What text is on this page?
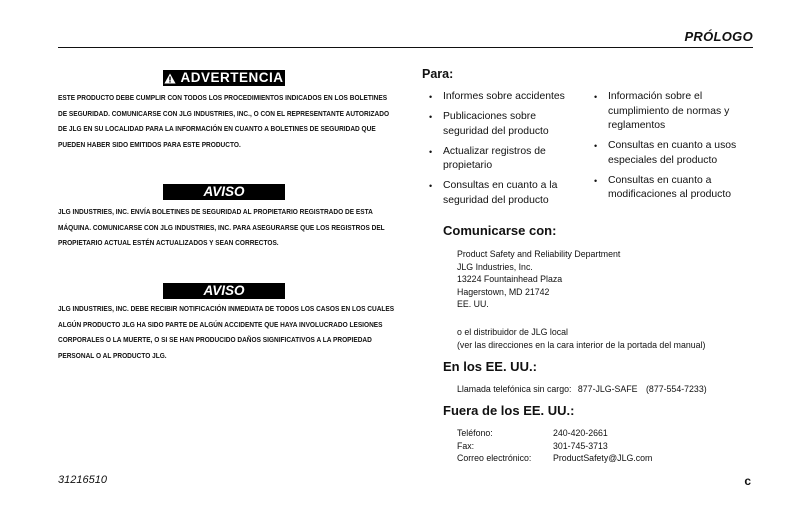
PRÓLOGO
ADVERTENCIA
ESTE PRODUCTO DEBE CUMPLIR CON TODOS LOS PROCEDIMIENTOS INDICADOS EN LOS BOLETINES DE SEGURIDAD. COMUNICARSE CON JLG INDUSTRIES, INC., O CON EL REPRESENTANTE AUTORIZADO DE JLG EN SU LOCALIDAD PARA LA INFORMACIÓN EN CUANTO A BOLETINES DE SEGURIDAD QUE PUEDEN HABER SIDO EMITIDOS PARA ESTE PRODUCTO.
AVISO
JLG INDUSTRIES, INC. ENVÍA BOLETINES DE SEGURIDAD AL PROPIETARIO REGISTRADO DE ESTA MÁQUINA. COMUNICARSE CON JLG INDUSTRIES, INC. PARA ASEGURARSE QUE LOS REGISTROS DEL PROPIETARIO ACTUAL ESTÉN ACTUALIZADOS Y SEAN CORRECTOS.
AVISO
JLG INDUSTRIES, INC. DEBE RECIBIR NOTIFICACIÓN INMEDIATA DE TODOS LOS CASOS EN LOS CUALES ALGÚN PRODUCTO JLG HA SIDO PARTE DE ALGÚN ACCIDENTE QUE HAYA INVOLUCRADO LESIONES CORPORALES O LA MUERTE, O SI SE HAN PRODUCIDO DAÑOS SIGNIFICATIVOS A LA PROPIEDAD PERSONAL O AL PRODUCTO JLG.
Para:
• Informes sobre accidentes
• Publicaciones sobre seguridad del producto
• Actualizar registros de propietario
• Consultas en cuanto a la seguridad del producto
• Información sobre el cumplimiento de normas y reglamentos
• Consultas en cuanto a usos especiales del producto
• Consultas en cuanto a modificaciones al producto
Comunicarse con:
Product Safety and Reliability Department
JLG Industries, Inc.
13224 Fountainhead Plaza
Hagerstown, MD 21742
EE. UU.
o el distribuidor de JLG local
(ver las direcciones en la cara interior de la portada del manual)
En los EE. UU.:
Llamada telefónica sin cargo: 877-JLG-SAFE (877-554-7233)
Fuera de los EE. UU.:
Teléfono:	240-420-2661
Fax:	301-745-3713
Correo electrónico:	ProductSafety@JLG.com
31216510	c
